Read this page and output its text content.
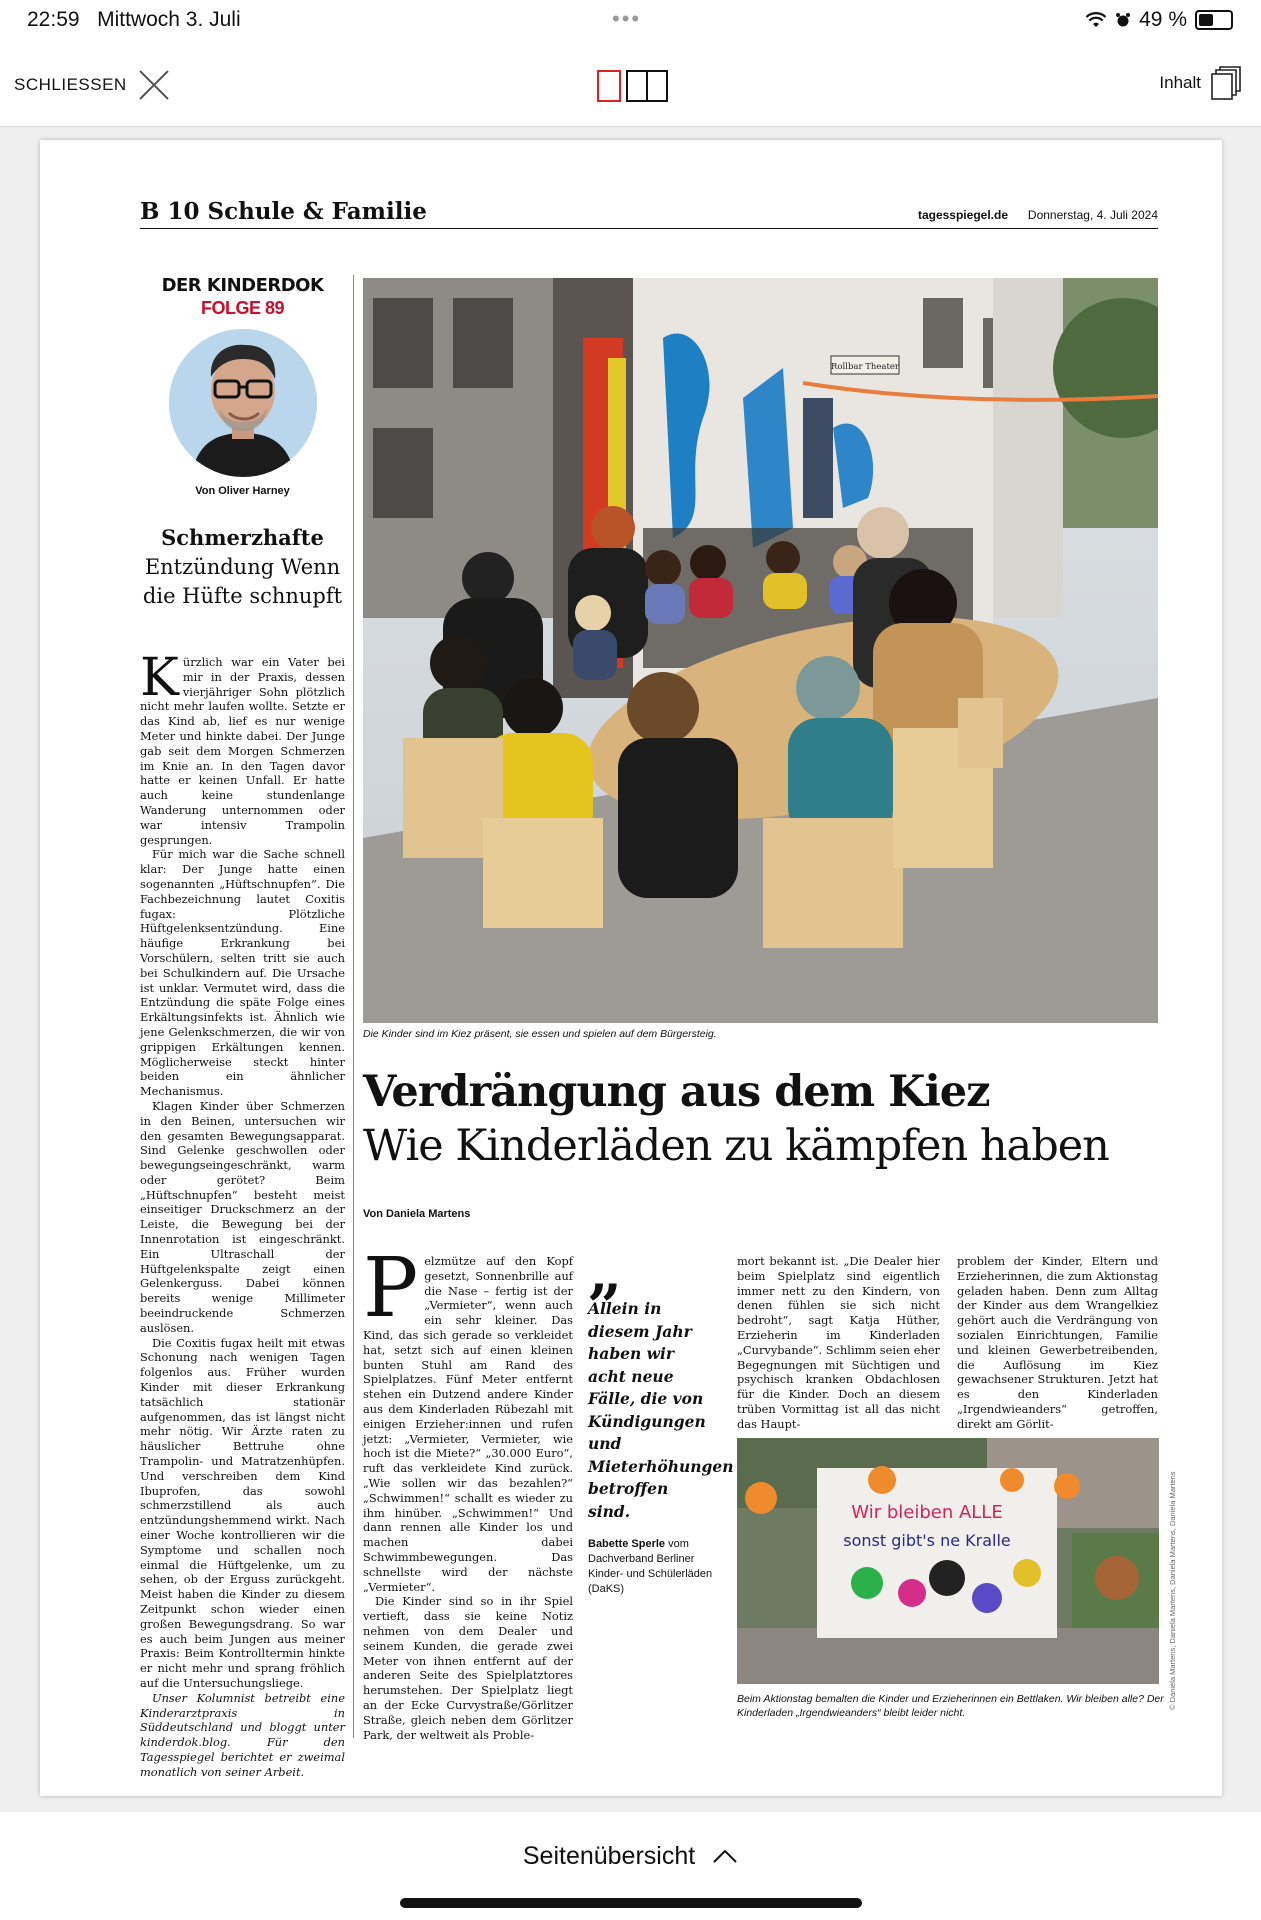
22:59 Mittwoch 3. Juli	•••	49 %
SCHLIESSEN	Inhalt
B 10 Schule & Familie	tagesspiegel.de Donnerstag, 4. Juli 2024
DER KINDERDOK
FOLGE 89
Von Oliver Harney
Schmerzhafte Entzündung Wenn die Hüfte schnupft

Kürzlich war ein Vater bei mir in der Praxis, dessen vierjähriger Sohn plötzlich nicht mehr laufen wollte. Setzte er das Kind ab, lief es nur wenige Meter und hinkte dabei. Der Junge gab seit dem Morgen Schmerzen im Knie an. In den Tagen davor hatte er keinen Unfall. Er hatte auch keine stundenlange Wanderung unternommen oder war intensiv Trampolin gesprungen.

Für mich war die Sache schnell klar: Der Junge hatte einen sogenannten „Hüftschnupfen“. Die Fachbezeichnung lautet Coxitis fugax: Plötzliche Hüftgelenksentzündung. Eine häufige Erkrankung bei Vorschülern, selten tritt sie auch bei Schulkindern auf. Die Ursache ist unklar. Vermutet wird, dass die Entzündung die späte Folge eines Erkältungsinfekts ist. Ähnlich wie jene Gelenkschmerzen, die wir von grippigen Erkältungen kennen. Möglicherweise steckt hinter beiden ein ähnlicher Mechanismus.

Klagen Kinder über Schmerzen in den Beinen, untersuchen wir den gesamten Bewegungsapparat. Sind Gelenke geschwollen oder bewegungseingeschränkt, warm oder gerötet? Beim „Hüftschnupfen“ besteht meist einseitiger Druckschmerz an der Leiste, die Bewegung bei der Innenrotation ist eingeschränkt. Ein Ultraschall der Hüftgelenkspalte zeigt einen Gelenkerguss. Dabei können bereits wenige Millimeter beeindruckende Schmerzen auslösen.

Die Coxitis fugax heilt mit etwas Schonung nach wenigen Tagen folgenlos aus. Früher wurden Kinder mit dieser Erkrankung tatsächlich stationär aufgenommen, das ist längst nicht mehr nötig. Wir Ärzte raten zu häuslicher Bettruhe ohne Trampolin- und Matratzenhüpfen. Und verschreiben dem Kind Ibuprofen, das sowohl schmerzstillend als auch entzündungshemmend wirkt. Nach einer Woche kontrollieren wir die Symptome und schallen noch einmal die Hüftgelenke, um zu sehen, ob der Erguss zurückgeht. Meist haben die Kinder zu diesem Zeitpunkt schon wieder einen großen Bewegungsdrang. So war es auch beim Jungen aus meiner Praxis: Beim Kontrolltermin hinkte er nicht mehr und sprang fröhlich auf die Untersuchungsliege.

Unser Kolumnist betreibt eine Kinderarztpraxis in Süddeutschland und bloggt unter kinderdok.blog. Für den Tagesspiegel berichtet er zweimal monatlich von seiner Arbeit.

Rollbar Theater
Die Kinder sind im Kiez präsent, sie essen und spielen auf dem Bürgersteig.
Verdrängung aus dem Kiez
Wie Kinderläden zu kämpfen haben
Von Daniela Martens

Pelzmütze auf den Kopf gesetzt, Sonnenbrille auf die Nase – fertig ist der „Vermieter“, wenn auch ein sehr kleiner. Das Kind, das sich gerade so verkleidet hat, setzt sich auf einen kleinen bunten Stuhl am Rand des Spielplatzes. Fünf Meter entfernt stehen ein Dutzend andere Kinder aus dem Kinderladen Rübezahl mit einigen Erzieher:innen und rufen jetzt: „Vermieter, Vermieter, wie hoch ist die Miete?“ „30.000 Euro“, ruft das verkleidete Kind zurück. „Wie sollen wir das bezahlen?“ „Schwimmen!“ schallt es wieder zu ihm hinüber. „Schwimmen!“ Und dann rennen alle Kinder los und machen dabei Schwimmbewegungen. Das schnellste wird der nächste „Vermieter“.

Die Kinder sind so in ihr Spiel vertieft, dass sie keine Notiz nehmen von dem Dealer und seinem Kunden, die gerade zwei Meter von ihnen entfernt auf der anderen Seite des Spielplatztores herumstehen. Der Spielplatz liegt an der Ecke Curvystraße/Görlitzer Straße, gleich neben dem Görlitzer Park, der weltweit als Proble-

„
Allein in diesem Jahr haben wir acht neue Fälle, die von Kündigungen und Mieterhöhungen betroffen sind.
Babette Sperle vom Dachverband Berliner Kinder- und Schülerläden (DaKS)

mort bekannt ist. „Die Dealer hier beim Spielplatz sind eigentlich immer nett zu den Kindern, von denen fühlen sie sich nicht bedroht“, sagt Katja Hüther, Erzieherin im Kinderladen „Curvybande“. Schlimm seien eher Begegnungen mit Süchtigen und psychisch kranken Obdachlosen für die Kinder. Doch an diesem trüben Vormittag ist all das nicht das Haupt-

problem der Kinder, Eltern und Erzieherinnen, die zum Aktionstag geladen haben. Denn zum Alltag der Kinder aus dem Wrangelkiez gehört auch die Verdrängung von sozialen Einrichtungen, Familie und kleinen Gewerbetreibenden, die Auflösung im Kiez gewachsener Strukturen. Jetzt hat es den Kinderladen „Irgendwieanders“ getroffen, direkt am Görlit-

Wir bleiben ALLE
sonst gibt's ne Kralle
Beim Aktionstag bemalten die Kinder und Erzieherinnen ein Bettlaken. Wir bleiben alle? Der Kinderladen „Irgendwieanders“ bleibt leider nicht.
© Daniela Martens, Daniela Martens, Daniela Martens, Daniela Martens
Seitenübersicht
